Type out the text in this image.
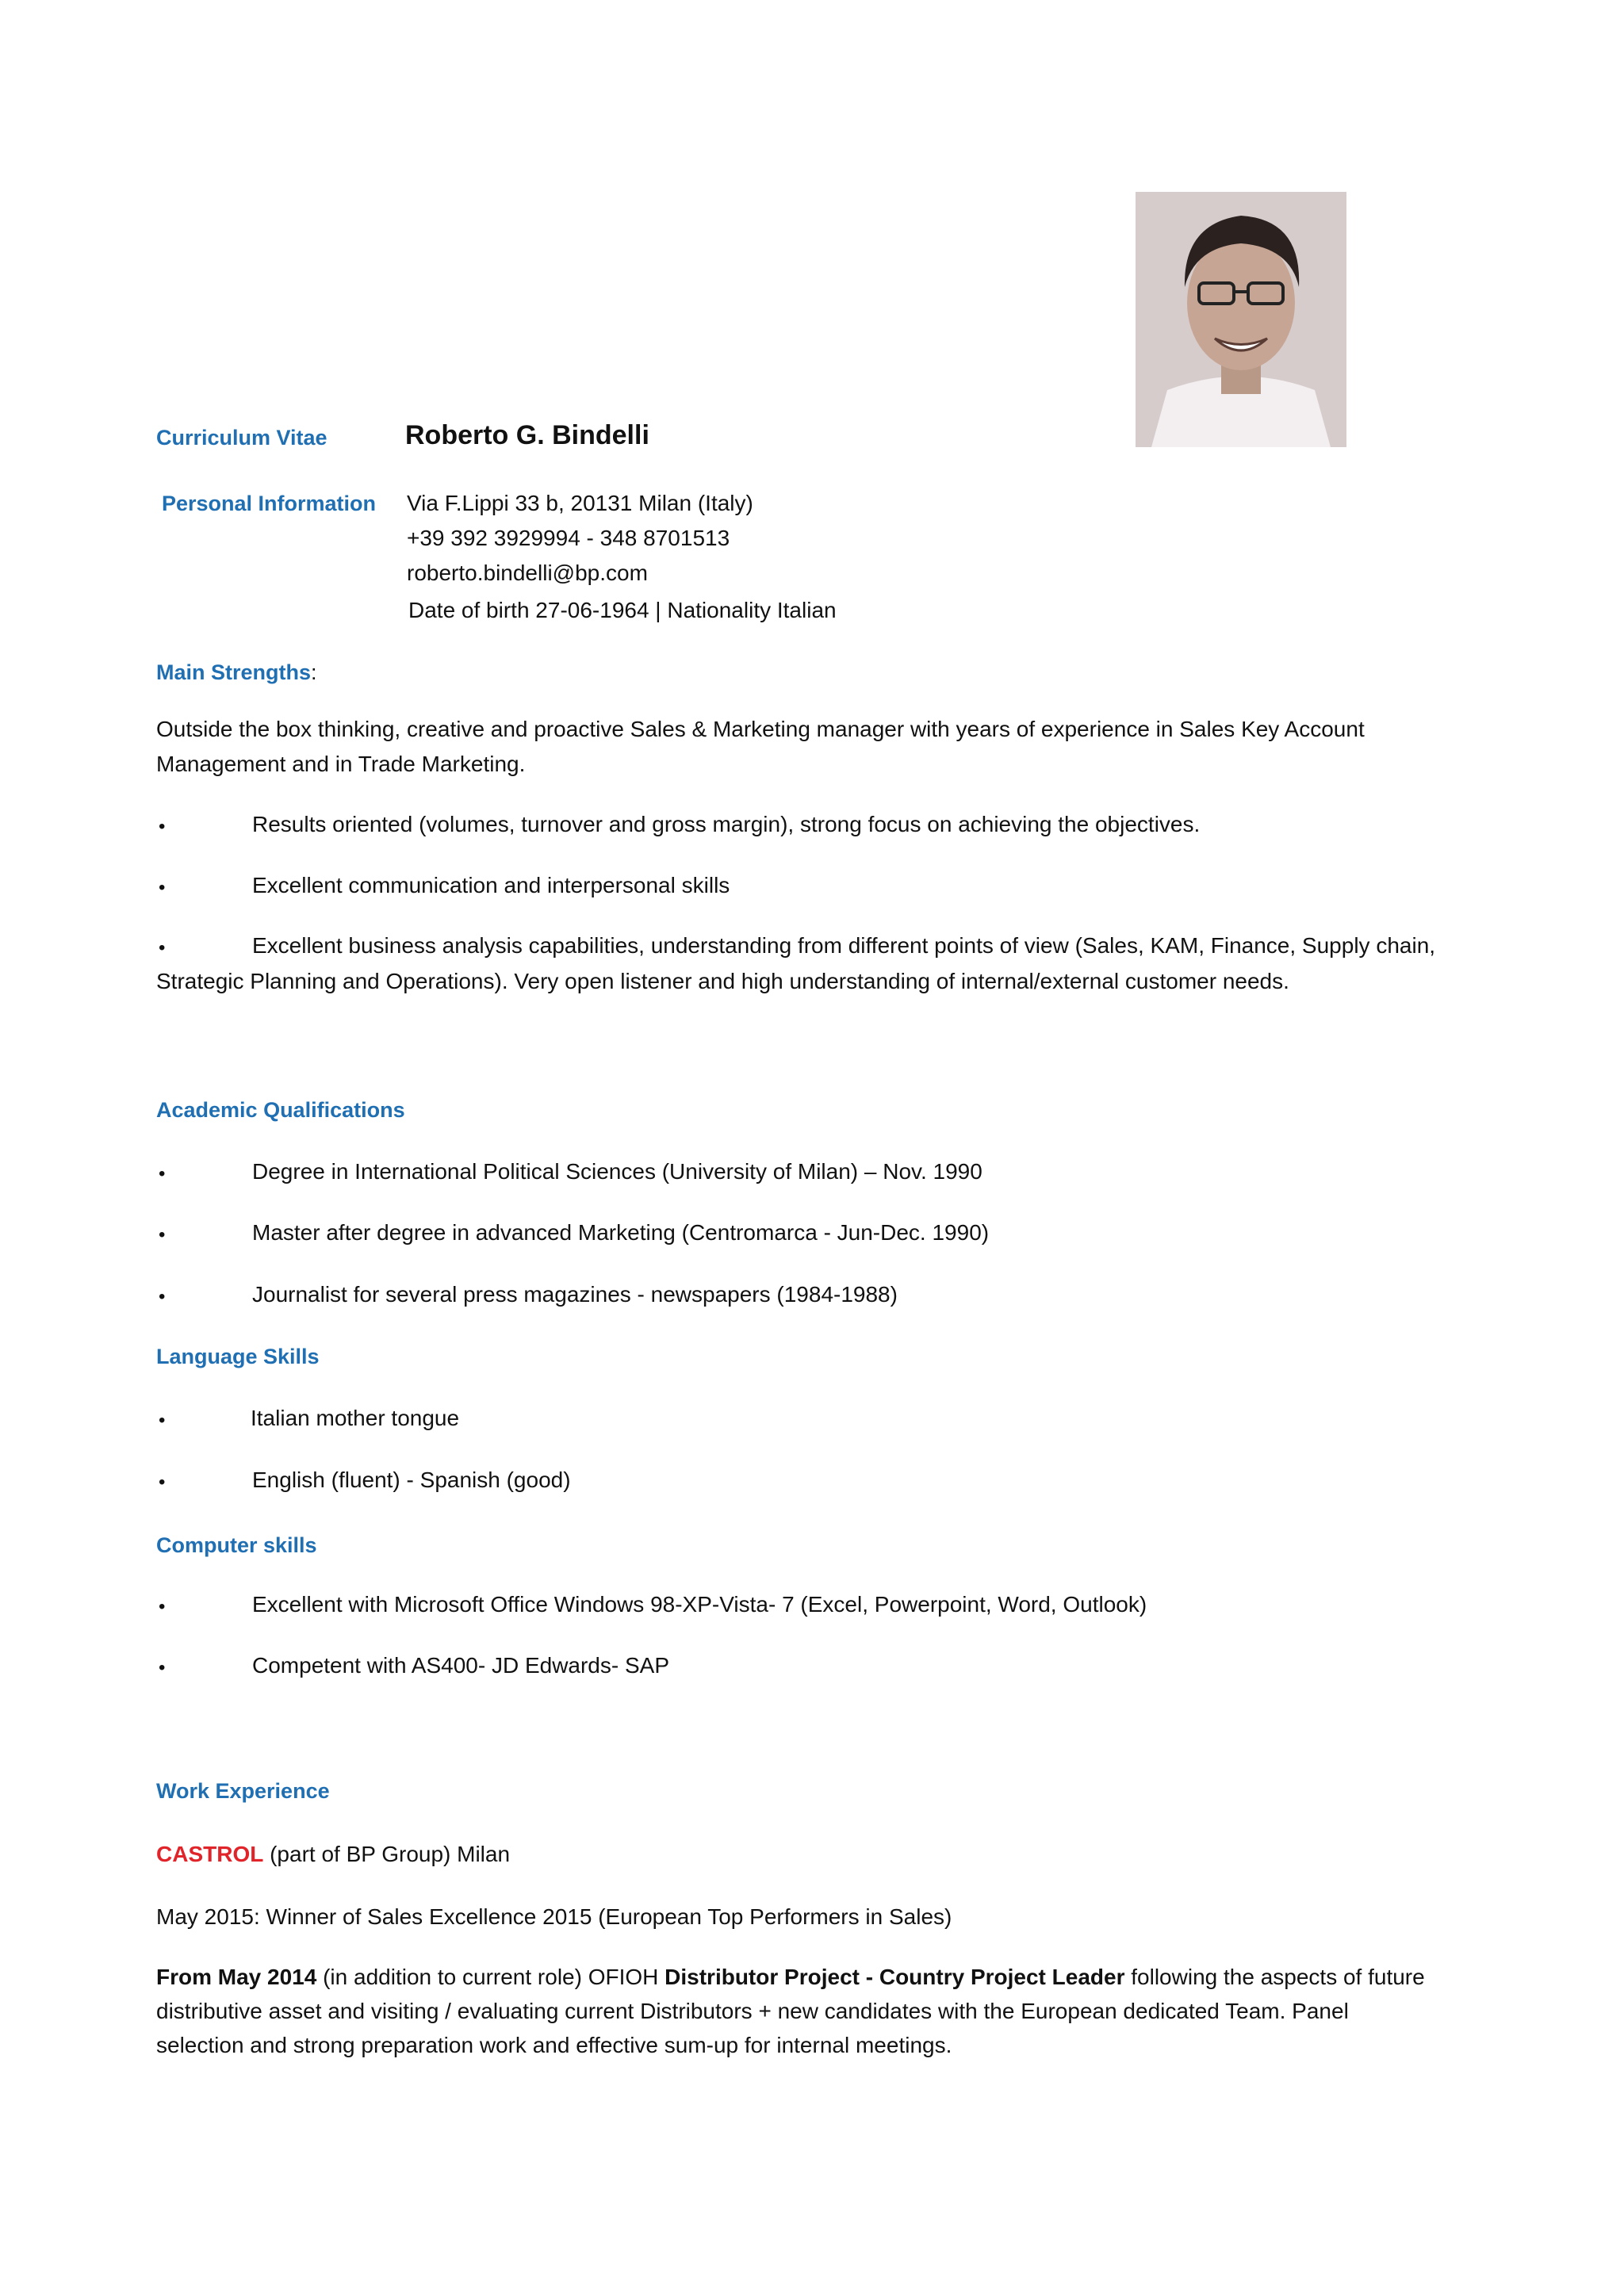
Curriculum Vitae	Roberto G. Bindelli
Personal Information Via F.Lippi 33 b, 20131 Milan (Italy)
+39 392 3929994 - 348 8701513
roberto.bindelli@bp.com
Date of birth 27-06-1964 | Nationality Italian
Main Strengths:
Outside the box thinking, creative and proactive Sales & Marketing manager with years of experience in Sales Key Account Management and in Trade Marketing.
•	Results oriented (volumes, turnover and gross margin), strong focus on achieving the objectives.
•	Excellent communication and interpersonal skills
•	Excellent business analysis capabilities, understanding from different points of view (Sales, KAM, Finance, Supply chain,
Strategic Planning and Operations). Very open listener and high understanding of internal/external customer needs.
Academic Qualifications
•	Degree in International Political Sciences (University of Milan) – Nov. 1990
•	Master after degree in advanced Marketing (Centromarca - Jun-Dec. 1990)
•	Journalist for several press magazines - newspapers (1984-1988)
Language Skills
•	Italian mother tongue
•	English (fluent) - Spanish (good)
Computer skills
•	Excellent with Microsoft Office Windows 98-XP-Vista- 7 (Excel, Powerpoint, Word, Outlook)
•	Competent with AS400- JD Edwards- SAP
Work Experience
CASTROL (part of BP Group) Milan
May 2015: Winner of Sales Excellence 2015 (European Top Performers in Sales)
From May 2014 (in addition to current role) OFIOH Distributor Project - Country Project Leader following the aspects of future
distributive asset and visiting / evaluating current Distributors + new candidates with the European dedicated Team. Panel
selection and strong preparation work and effective sum-up for internal meetings.
